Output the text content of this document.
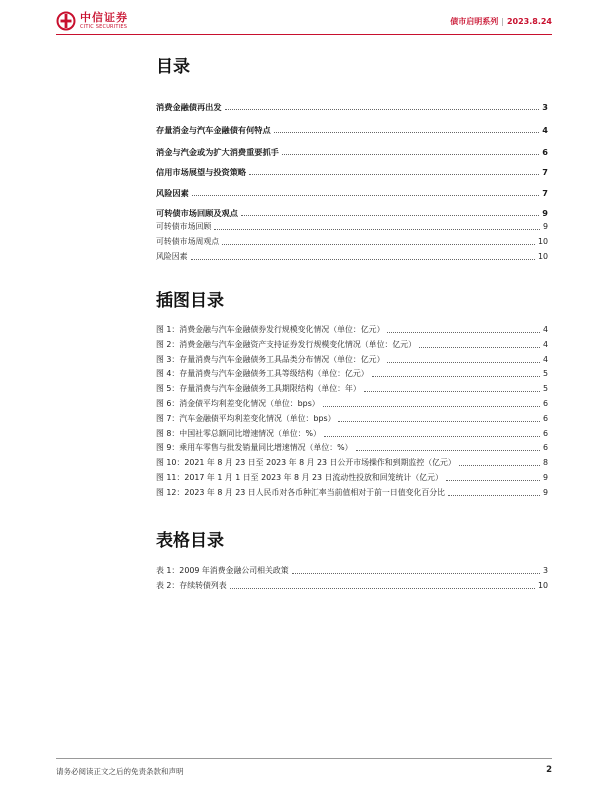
中信证券
CITIC SECURITIES
债市启明系列 | 2023.8.24
目录
消费金融债再出发	3
存量消金与汽车金融债有何特点	4
消金与汽金或为扩大消费重要抓手	6
信用市场展望与投资策略	7
风险因素	7
可转债市场回顾及观点	9
可转债市场回顾	9
可转债市场周观点	10
风险因素	10
插图目录
图 1：消费金融与汽车金融债券发行规模变化情况（单位：亿元）	4
图 2：消费金融与汽车金融资产支持证券发行规模变化情况（单位：亿元）	4
图 3：存量消费与汽车金融债务工具品类分布情况（单位：亿元）	4
图 4：存量消费与汽车金融债务工具等级结构（单位：亿元）	5
图 5：存量消费与汽车金融债务工具期限结构（单位：年）	5
图 6：消金债平均利差变化情况（单位：bps）	6
图 7：汽车金融债平均利差变化情况（单位：bps）	6
图 8：中国社零总额同比增速情况（单位：%）	6
图 9：乘用车零售与批发销量同比增速情况（单位：%）	6
图 10：2021 年 8 月 23 日至 2023 年 8 月 23 日公开市场操作和到期监控（亿元）	8
图 11：2017 年 1 月 1 日至 2023 年 8 月 23 日流动性投放和回笼统计（亿元）	9
图 12：2023 年 8 月 23 日人民币对各币种汇率当前值相对于前一日值变化百分比	9
表格目录
表 1：2009 年消费金融公司相关政策	3
表 2：存续转债列表	10
请务必阅读正文之后的免责条款和声明	2
